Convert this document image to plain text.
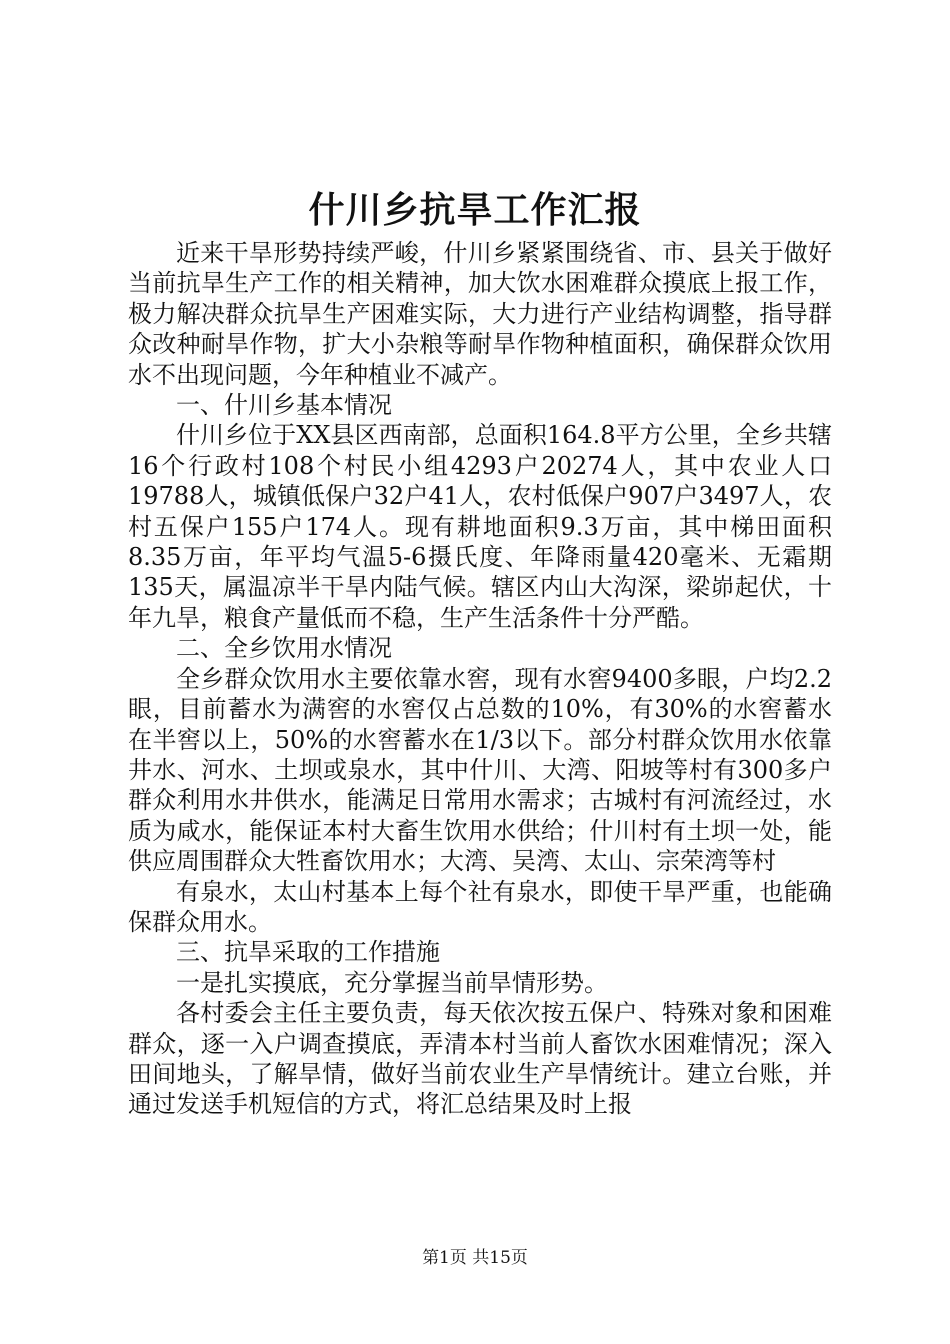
什川乡抗旱工作汇报

近来干旱形势持续严峻，什川乡紧紧围绕省、市、县关于做好当前抗旱生产工作的相关精神，加大饮水困难群众摸底上报工作，极力解决群众抗旱生产困难实际，大力进行产业结构调整，指导群众改种耐旱作物，扩大小杂粮等耐旱作物种植面积，确保群众饮用水不出现问题，今年种植业不减产。

一、什川乡基本情况

什川乡位于XX县区西南部，总面积164.8平方公里，全乡共辖16个行政村108个村民小组4293户20274人，其中农业人口19788人，城镇低保户32户41人，农村低保户907户3497人，农村五保户155户174人。现有耕地面积9.3万亩，其中梯田面积8.35万亩，年平均气温5-6摄氏度、年降雨量420毫米、无霜期135天，属温凉半干旱内陆气候。辖区内山大沟深，梁峁起伏，十年九旱，粮食产量低而不稳，生产生活条件十分严酷。

二、全乡饮用水情况

全乡群众饮用水主要依靠水窖，现有水窖9400多眼，户均2.2眼，目前蓄水为满窖的水窖仅占总数的10%，有30%的水窖蓄水在半窖以上，50%的水窖蓄水在1/3以下。部分村群众饮用水依靠井水、河水、土坝或泉水，其中什川、大湾、阳坡等村有300多户群众利用水井供水，能满足日常用水需求；古城村有河流经过，水质为咸水，能保证本村大畜生饮用水供给；什川村有土坝一处，能供应周围群众大牲畜饮用水；大湾、吴湾、太山、宗荣湾等村

有泉水，太山村基本上每个社有泉水，即使干旱严重，也能确保群众用水。

三、抗旱采取的工作措施

一是扎实摸底，充分掌握当前旱情形势。

各村委会主任主要负责，每天依次按五保户、特殊对象和困难群众，逐一入户调查摸底，弄清本村当前人畜饮水困难情况；深入田间地头，了解旱情，做好当前农业生产旱情统计。建立台账，并通过发送手机短信的方式，将汇总结果及时上报

第1页 共15页
